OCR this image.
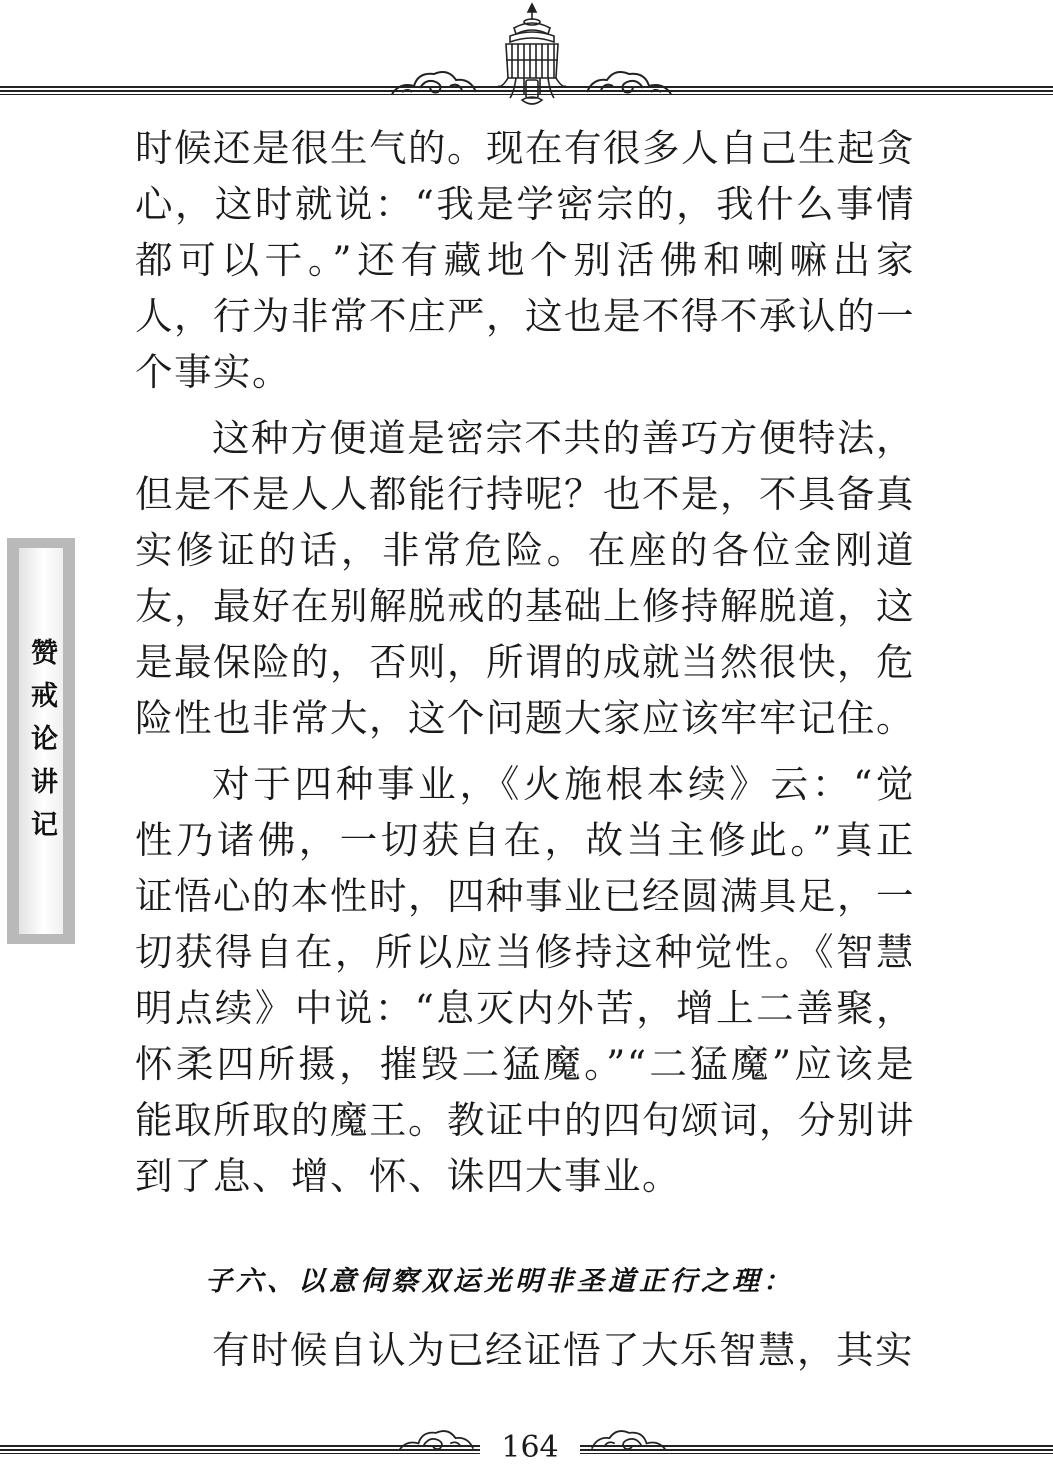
赞戒论讲记

时候还是很生气的。现在有很多人自己生起贪心，这时就说：“我是学密宗的，我什么事情都可以干。”还有藏地个别活佛和喇嘛出家人，行为非常不庄严，这也是不得不承认的一个事实。

这种方便道是密宗不共的善巧方便特法，但是不是人人都能行持呢？也不是，不具备真实修证的话，非常危险。在座的各位金刚道友，最好在别解脱戒的基础上修持解脱道，这是最保险的，否则，所谓的成就当然很快，危险性也非常大，这个问题大家应该牢牢记住。

对于四种事业，《火施根本续》云：“觉性乃诸佛，一切获自在，故当主修此。”真正证悟心的本性时，四种事业已经圆满具足，一切获得自在，所以应当修持这种觉性。《智慧明点续》中说：“息灭内外苦，增上二善聚，怀柔四所摄，摧毁二猛魔。”“二猛魔”应该是能取所取的魔王。教证中的四句颂词，分别讲到了息、增、怀、诛四大事业。

子六、以意伺察双运光明非圣道正行之理：
有时候自认为已经证悟了大乐智慧，其实
164
